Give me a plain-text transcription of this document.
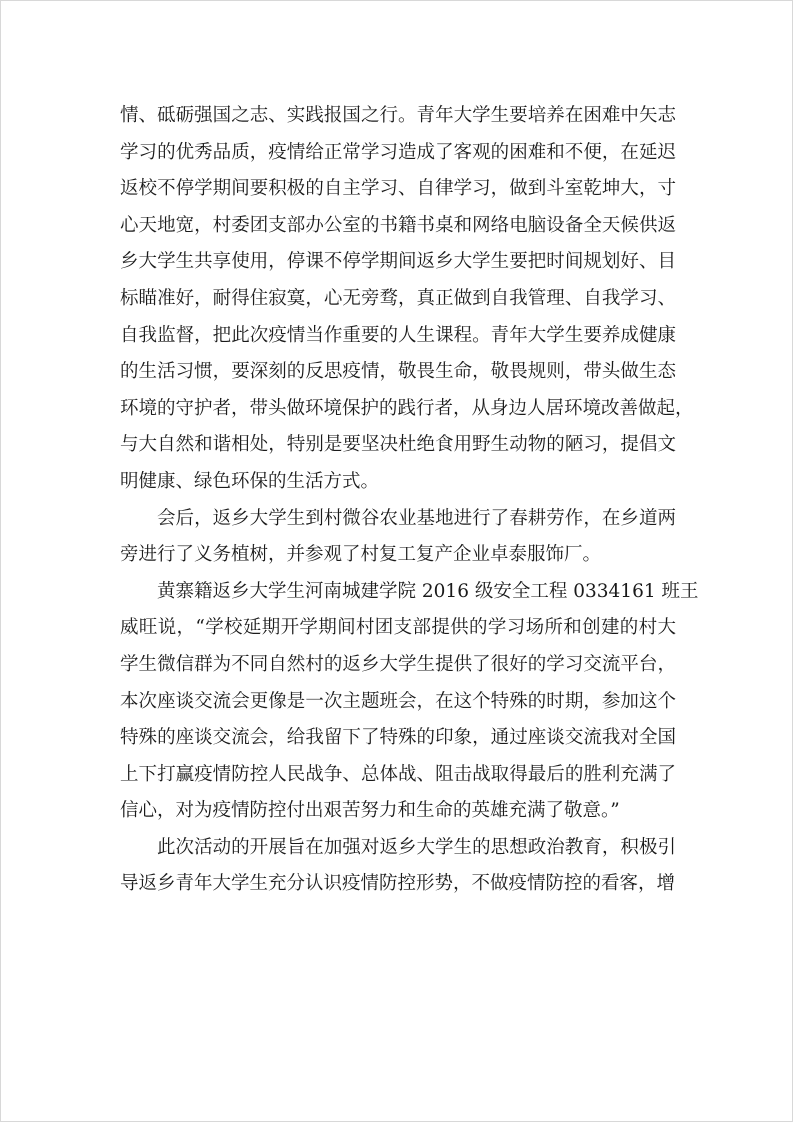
情、砥砺强国之志、实践报国之行。青年大学生要培养在困难中矢志
学习的优秀品质，疫情给正常学习造成了客观的困难和不便，在延迟
返校不停学期间要积极的自主学习、自律学习，做到斗室乾坤大，寸
心天地宽，村委团支部办公室的书籍书桌和网络电脑设备全天候供返
乡大学生共享使用，停课不停学期间返乡大学生要把时间规划好、目
标瞄准好，耐得住寂寞，心无旁骛，真正做到自我管理、自我学习、
自我监督，把此次疫情当作重要的人生课程。青年大学生要养成健康
的生活习惯，要深刻的反思疫情，敬畏生命，敬畏规则，带头做生态
环境的守护者，带头做环境保护的践行者，从身边人居环境改善做起，
与大自然和谐相处，特别是要坚决杜绝食用野生动物的陋习，提倡文
明健康、绿色环保的生活方式。
会后，返乡大学生到村微谷农业基地进行了春耕劳作，在乡道两
旁进行了义务植树，并参观了村复工复产企业卓泰服饰厂。
黄寨籍返乡大学生河南城建学院 2016 级安全工程 0334161 班王
威旺说，“学校延期开学期间村团支部提供的学习场所和创建的村大
学生微信群为不同自然村的返乡大学生提供了很好的学习交流平台，
本次座谈交流会更像是一次主题班会，在这个特殊的时期，参加这个
特殊的座谈交流会，给我留下了特殊的印象，通过座谈交流我对全国
上下打赢疫情防控人民战争、总体战、阻击战取得最后的胜利充满了
信心，对为疫情防控付出艰苦努力和生命的英雄充满了敬意。”
此次活动的开展旨在加强对返乡大学生的思想政治教育，积极引
导返乡青年大学生充分认识疫情防控形势，不做疫情防控的看客，增
